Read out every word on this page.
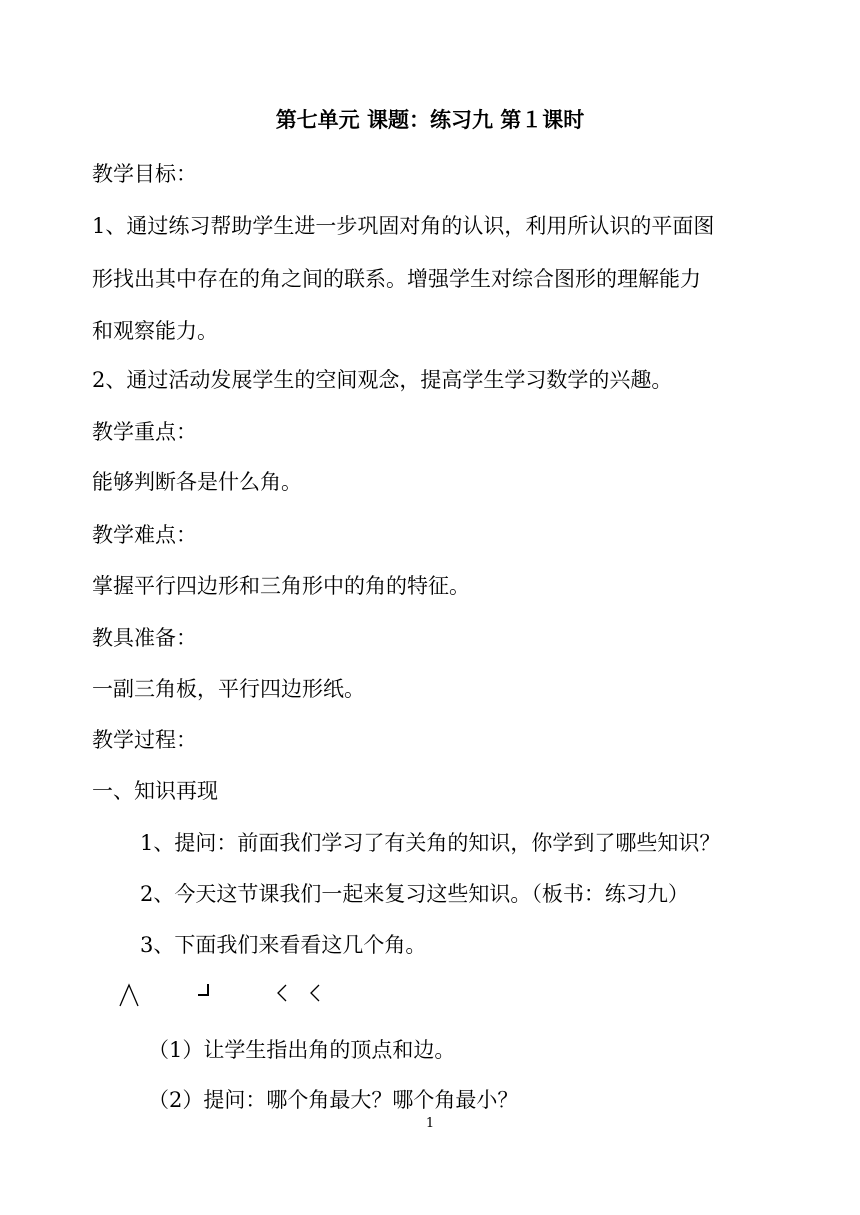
第七单元 课题：练习九 第１课时
教学目标：
1、通过练习帮助学生进一步巩固对角的认识，利用所认识的平面图
形找出其中存在的角之间的联系。增强学生对综合图形的理解能力
和观察能力。
2、通过活动发展学生的空间观念，提高学生学习数学的兴趣。
教学重点：
能够判断各是什么角。
教学难点：
掌握平行四边形和三角形中的角的特征。
教具准备：
一副三角板，平行四边形纸。
教学过程：
一、知识再现
1、提问：前面我们学习了有关角的知识，你学到了哪些知识？
2、今天这节课我们一起来复习这些知识。（板书：练习九）
3、下面我们来看看这几个角。
（1）让学生指出角的顶点和边。
（2）提问：哪个角最大？哪个角最小？
1
